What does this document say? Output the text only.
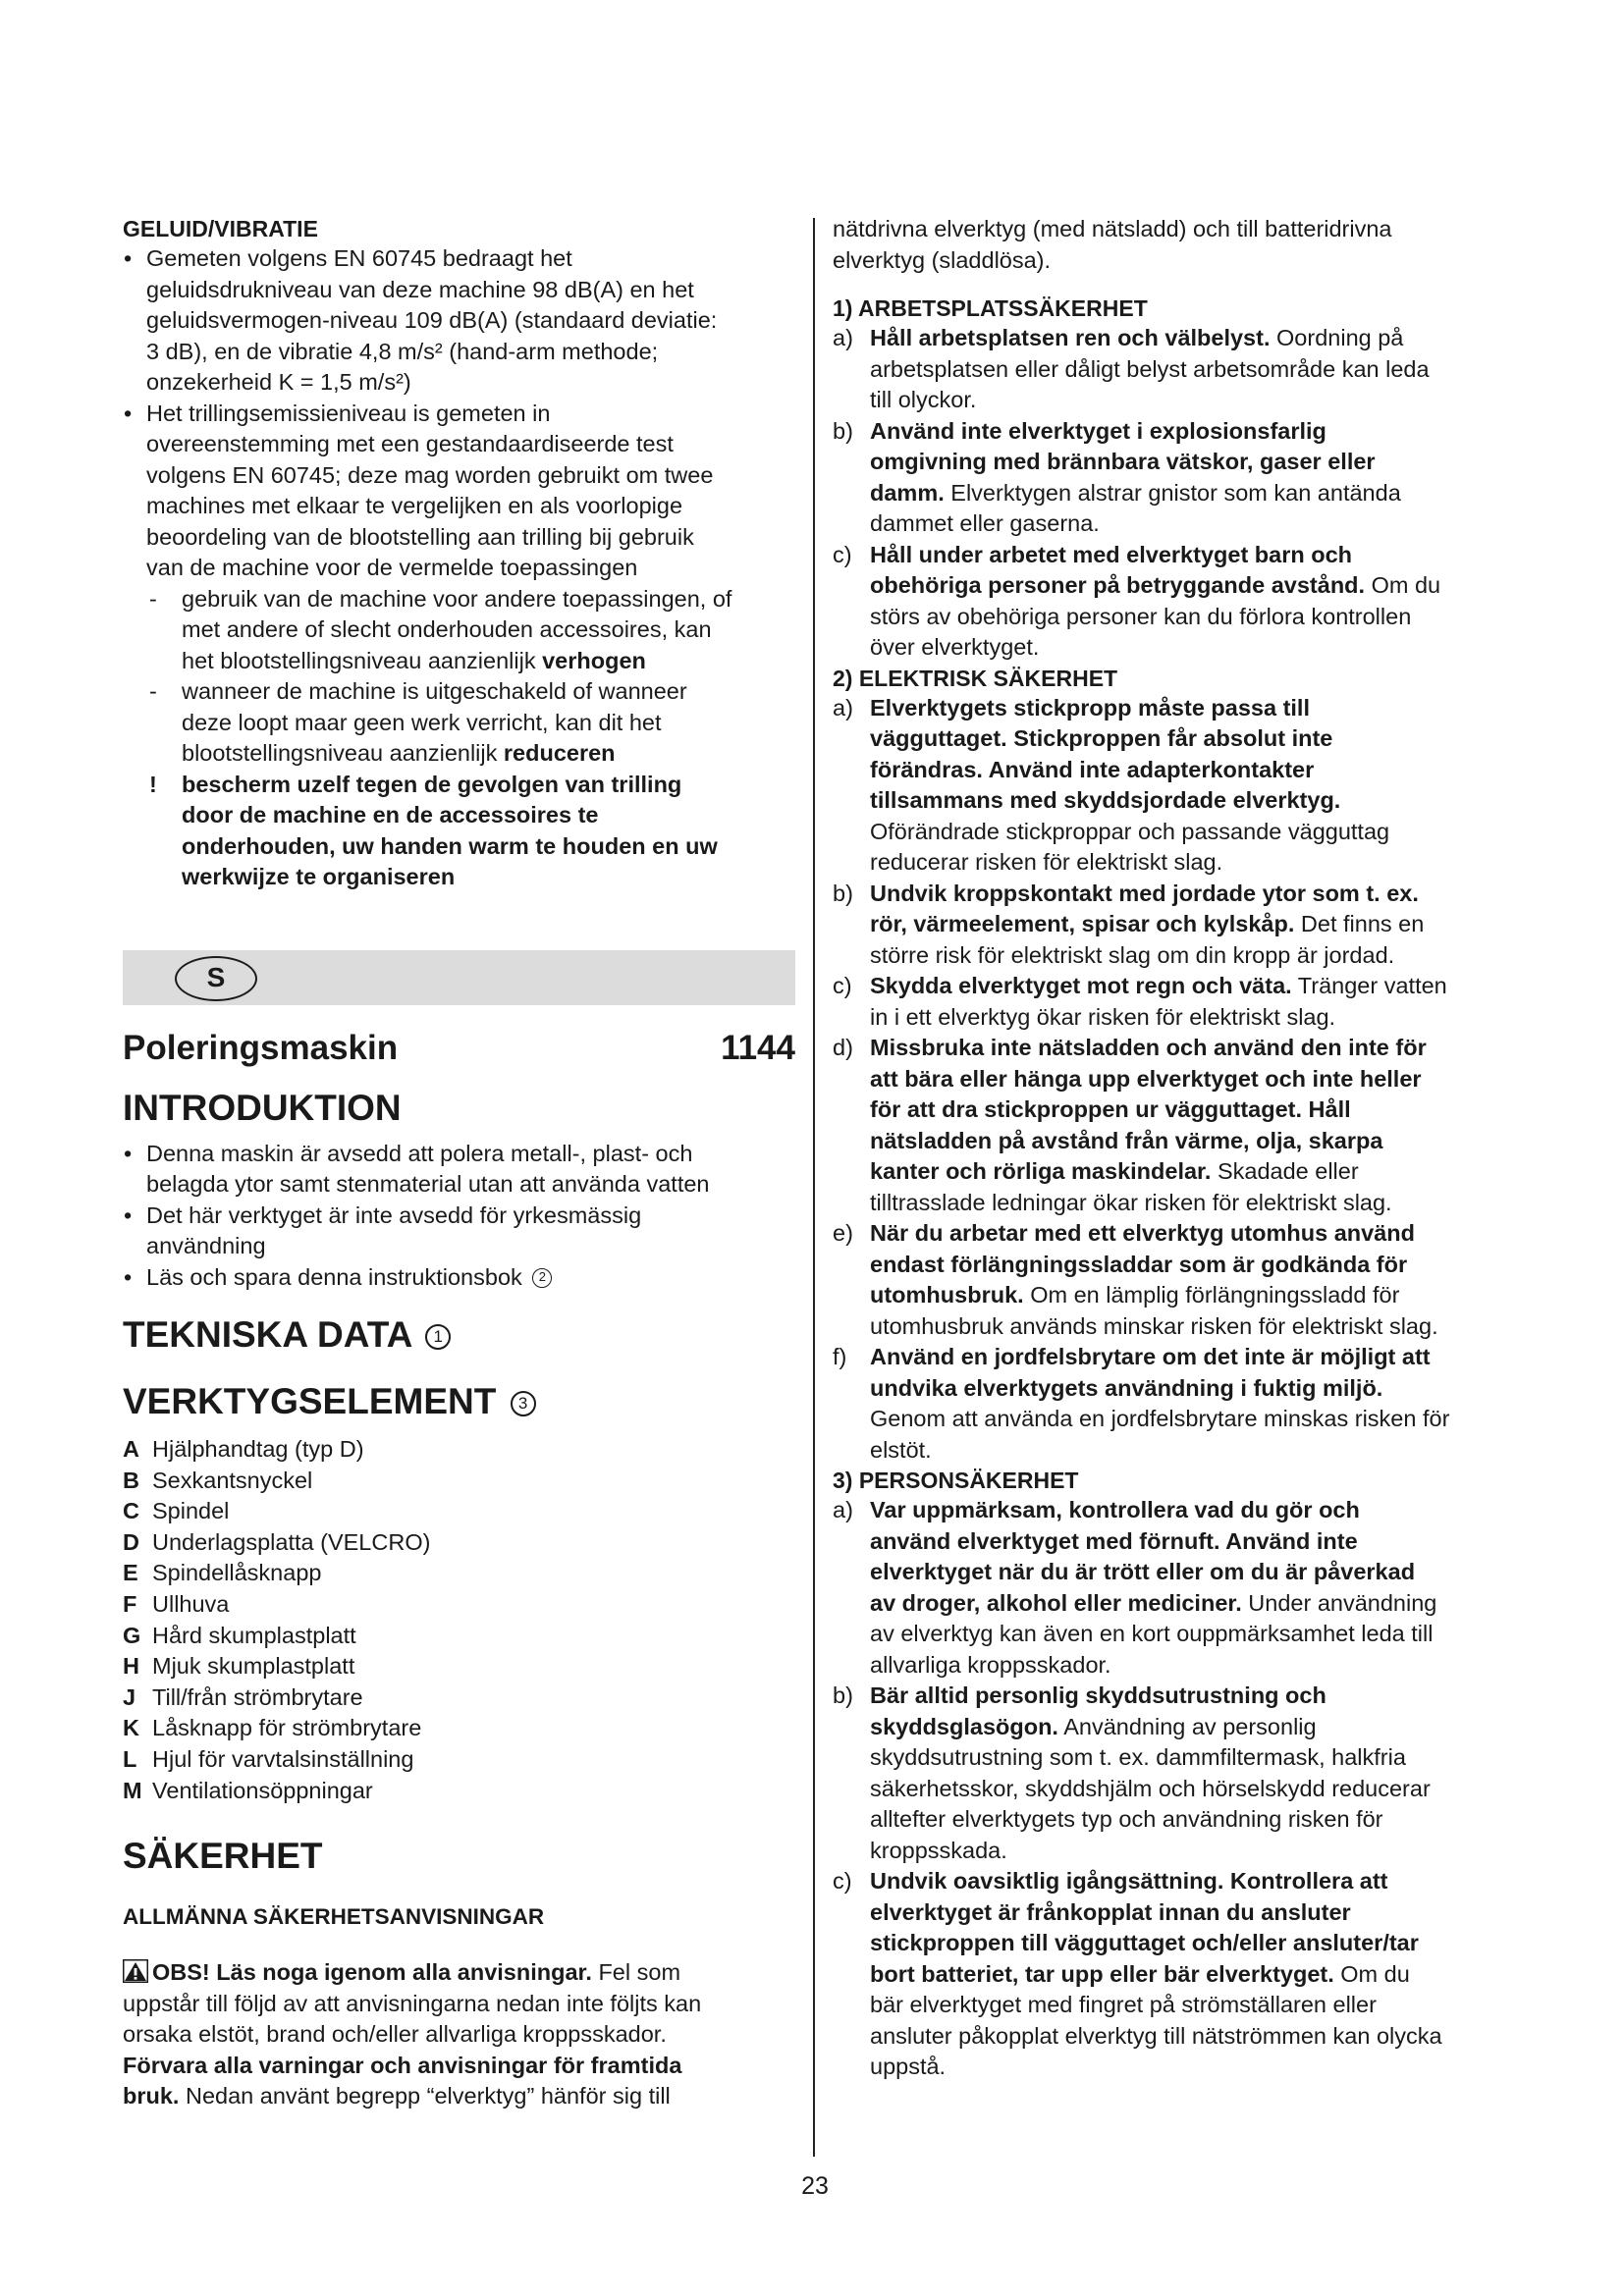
GELUID/VIBRATIE
• Gemeten volgens EN 60745 bedraagt het
geluidsdrukniveau van deze machine 98 dB(A) en het
geluidsvermogen-niveau 109 dB(A) (standaard deviatie:
3 dB), en de vibratie 4,8 m/s² (hand-arm methode;
onzekerheid K = 1,5 m/s²)
• Het trillingsemissieniveau is gemeten in
overeenstemming met een gestandaardiseerde test
volgens EN 60745; deze mag worden gebruikt om twee
machines met elkaar te vergelijken en als voorlopige
beoordeling van de blootstelling aan trilling bij gebruik
van de machine voor de vermelde toepassingen
- gebruik van de machine voor andere toepassingen, of
met andere of slecht onderhouden accessoires, kan
het blootstellingsniveau aanzienlijk verhogen
- wanneer de machine is uitgeschakeld of wanneer
deze loopt maar geen werk verricht, kan dit het
blootstellingsniveau aanzienlijk reduceren
! bescherm uzelf tegen de gevolgen van trilling
door de machine en de accessoires te
onderhouden, uw handen warm te houden en uw
werkwijze te organiseren
S
Poleringsmaskin	1144
INTRODUKTION
• Denna maskin är avsedd att polera metall-, plast- och
belagda ytor samt stenmaterial utan att använda vatten
• Det här verktyget är inte avsedd för yrkesmässig
användning
• Läs och spara denna instruktionsbok 2
TEKNISKA DATA 1
VERKTYGSELEMENT 3
A Hjälphandtag (typ D)
B Sexkantsnyckel
C Spindel
D Underlagsplatta (VELCRO)
E Spindellåsknapp
F Ullhuva
G Hård skumplastplatt
H Mjuk skumplastplatt
J Till/från strömbrytare
K Låsknapp för strömbrytare
L Hjul för varvtalsinställning
M Ventilationsöppningar
SÄKERHET
ALLMÄNNA SÄKERHETSANVISNINGAR
OBS! Läs noga igenom alla anvisningar. Fel som
uppstår till följd av att anvisningarna nedan inte följts kan
orsaka elstöt, brand och/eller allvarliga kroppsskador.
Förvara alla varningar och anvisningar för framtida
bruk. Nedan använt begrepp “elverktyg” hänför sig till
nätdrivna elverktyg (med nätsladd) och till batteridrivna
elverktyg (sladdlösa).
1) ARBETSPLATSSÄKERHET
a) Håll arbetsplatsen ren och välbelyst. Oordning på
arbetsplatsen eller dåligt belyst arbetsområde kan leda
till olyckor.
b) Använd inte elverktyget i explosionsfarlig
omgivning med brännbara vätskor, gaser eller
damm. Elverktygen alstrar gnistor som kan antända
dammet eller gaserna.
c) Håll under arbetet med elverktyget barn och
obehöriga personer på betryggande avstånd. Om du
störs av obehöriga personer kan du förlora kontrollen
över elverktyget.
2) ELEKTRISK SÄKERHET
a) Elverktygets stickpropp måste passa till
vägguttaget. Stickproppen får absolut inte
förändras. Använd inte adapterkontakter
tillsammans med skyddsjordade elverktyg.
Oförändrade stickproppar och passande vägguttag
reducerar risken för elektriskt slag.
b) Undvik kroppskontakt med jordade ytor som t. ex.
rör, värmeelement, spisar och kylskåp. Det finns en
större risk för elektriskt slag om din kropp är jordad.
c) Skydda elverktyget mot regn och väta. Tränger vatten
in i ett elverktyg ökar risken för elektriskt slag.
d) Missbruka inte nätsladden och använd den inte för
att bära eller hänga upp elverktyget och inte heller
för att dra stickproppen ur vägguttaget. Håll
nätsladden på avstånd från värme, olja, skarpa
kanter och rörliga maskindelar. Skadade eller
tilltrasslade ledningar ökar risken för elektriskt slag.
e) När du arbetar med ett elverktyg utomhus använd
endast förlängningssladdar som är godkända för
utomhusbruk. Om en lämplig förlängningssladd för
utomhusbruk används minskar risken för elektriskt slag.
f) Använd en jordfelsbrytare om det inte är möjligt att
undvika elverktygets användning i fuktig miljö.
Genom att använda en jordfelsbrytare minskas risken för
elstöt.
3) PERSONSÄKERHET
a) Var uppmärksam, kontrollera vad du gör och
använd elverktyget med förnuft. Använd inte
elverktyget när du är trött eller om du är påverkad
av droger, alkohol eller mediciner. Under användning
av elverktyg kan även en kort ouppmärksamhet leda till
allvarliga kroppsskador.
b) Bär alltid personlig skyddsutrustning och
skyddsglasögon. Användning av personlig
skyddsutrustning som t. ex. dammfiltermask, halkfria
säkerhetsskor, skyddshjälm och hörselskydd reducerar
alltefter elverktygets typ och användning risken för
kroppsskada.
c) Undvik oavsiktlig igångsättning. Kontrollera att
elverktyget är frånkopplat innan du ansluter
stickproppen till vägguttaget och/eller ansluter/tar
bort batteriet, tar upp eller bär elverktyget. Om du
bär elverktyget med fingret på strömställaren eller
ansluter påkopplat elverktyg till nätströmmen kan olycka
uppstå.
23
